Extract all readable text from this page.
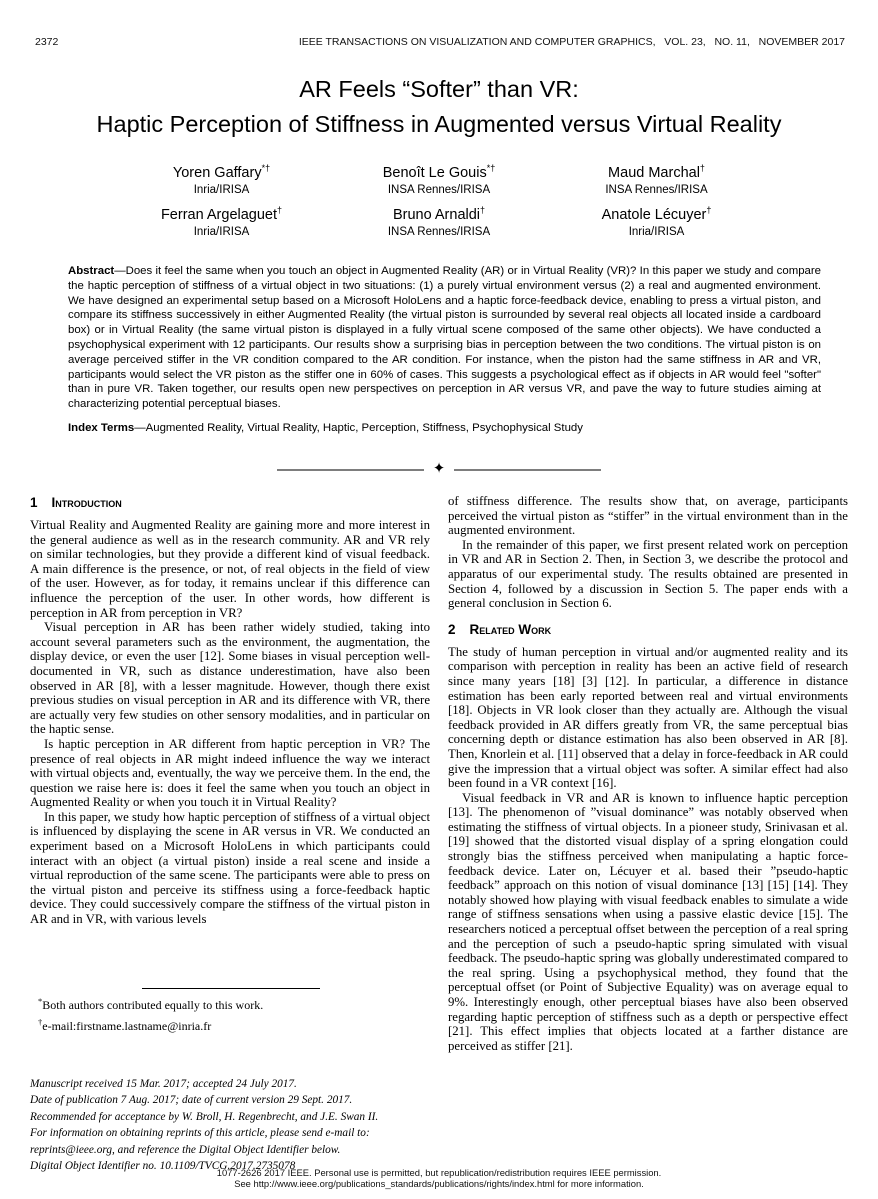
2372	IEEE TRANSACTIONS ON VISUALIZATION AND COMPUTER GRAPHICS,   VOL. 23,   NO. 11,   NOVEMBER 2017
AR Feels “Softer” than VR:
Haptic Perception of Stiffness in Augmented versus Virtual Reality
Yoren Gaffary*†
Inria/IRISA
Benoît Le Gouis*†
INSA Rennes/IRISA
Maud Marchal†
INSA Rennes/IRISA
Ferran Argelaguet†
Inria/IRISA
Bruno Arnaldi†
INSA Rennes/IRISA
Anatole Lécuyer†
Inria/IRISA
Abstract—Does it feel the same when you touch an object in Augmented Reality (AR) or in Virtual Reality (VR)? In this paper we study and compare the haptic perception of stiffness of a virtual object in two situations: (1) a purely virtual environment versus (2) a real and augmented environment. We have designed an experimental setup based on a Microsoft HoloLens and a haptic force-feedback device, enabling to press a virtual piston, and compare its stiffness successively in either Augmented Reality (the virtual piston is surrounded by several real objects all located inside a cardboard box) or in Virtual Reality (the same virtual piston is displayed in a fully virtual scene composed of the same other objects). We have conducted a psychophysical experiment with 12 participants. Our results show a surprising bias in perception between the two conditions. The virtual piston is on average perceived stiffer in the VR condition compared to the AR condition. For instance, when the piston had the same stiffness in AR and VR, participants would select the VR piston as the stiffer one in 60% of cases. This suggests a psychological effect as if objects in AR would feel "softer" than in pure VR. Taken together, our results open new perspectives on perception in AR versus VR, and pave the way to future studies aiming at characterizing potential perceptual biases.
Index Terms—Augmented Reality, Virtual Reality, Haptic, Perception, Stiffness, Psychophysical Study
✦
1 Introduction

Virtual Reality and Augmented Reality are gaining more and more interest in the general audience as well as in the research community. AR and VR rely on similar technologies, but they provide a different kind of visual feedback. A main difference is the presence, or not, of real objects in the field of view of the user. However, as for today, it remains unclear if this difference can influence the perception of the user. In other words, how different is perception in AR from perception in VR?

Visual perception in AR has been rather widely studied, taking into account several parameters such as the environment, the augmentation, the display device, or even the user [12]. Some biases in visual perception well-documented in VR, such as distance underestimation, have also been observed in AR [8], with a lesser magnitude. However, though there exist previous studies on visual perception in AR and its difference with VR, there are actually very few studies on other sensory modalities, and in particular on the haptic sense.

Is haptic perception in AR different from haptic perception in VR? The presence of real objects in AR might indeed influence the way we interact with virtual objects and, eventually, the way we perceive them. In the end, the question we raise here is: does it feel the same when you touch an object in Augmented Reality or when you touch it in Virtual Reality?

In this paper, we study how haptic perception of stiffness of a virtual object is influenced by displaying the scene in AR versus in VR. We conducted an experiment based on a Microsoft HoloLens in which participants could interact with an object (a virtual piston) inside a real scene and inside a virtual reproduction of the same scene. The participants were able to press on the virtual piston and perceive its stiffness using a force-feedback haptic device. They could successively compare the stiffness of the virtual piston in AR and in VR, with various levels

of stiffness difference. The results show that, on average, participants perceived the virtual piston as “stiffer” in the virtual environment than in the augmented environment.

In the remainder of this paper, we first present related work on perception in VR and AR in Section 2. Then, in Section 3, we describe the protocol and apparatus of our experimental study. The results obtained are presented in Section 4, followed by a discussion in Section 5. The paper ends with a general conclusion in Section 6.

2 Related Work

The study of human perception in virtual and/or augmented reality and its comparison with perception in reality has been an active field of research since many years [18] [3] [12]. In particular, a difference in distance estimation has been early reported between real and virtual environments [18]. Objects in VR look closer than they actually are. Although the visual feedback provided in AR differs greatly from VR, the same perceptual bias concerning depth or distance estimation has also been observed in AR [8]. Then, Knorlein et al. [11] observed that a delay in force-feedback in AR could give the impression that a virtual object was softer. A similar effect had also been found in a VR context [16].

Visual feedback in VR and AR is known to influence haptic perception [13]. The phenomenon of ”visual dominance” was notably observed when estimating the stiffness of virtual objects. In a pioneer study, Srinivasan et al. [19] showed that the distorted visual display of a spring elongation could strongly bias the stiffness perceived when manipulating a haptic force-feedback device. Later on, Lécuyer et al. based their ”pseudo-haptic feedback” approach on this notion of visual dominance [13] [15] [14]. They notably showed how playing with visual feedback enables to simulate a wide range of stiffness sensations when using a passive elastic device [15]. The researchers noticed a perceptual offset between the perception of a real spring and the perception of such a pseudo-haptic spring simulated with visual feedback. The pseudo-haptic spring was globally underestimated compared to the real spring. Using a psychophysical method, they found that the perceptual offset (or Point of Subjective Equality) was on average equal to 9%. Interestingly enough, other perceptual biases have also been observed regarding haptic perception of stiffness such as a depth or perspective effect [21]. This effect implies that objects located at a farther distance are perceived as stiffer [21].

*Both authors contributed equally to this work.
†e-mail:firstname.lastname@inria.fr
Manuscript received 15 Mar. 2017; accepted 24 July 2017.
Date of publication 7 Aug. 2017; date of current version 29 Sept. 2017.
Recommended for acceptance by W. Broll, H. Regenbrecht, and J.E. Swan II.
For information on obtaining reprints of this article, please send e-mail to:
reprints@ieee.org, and reference the Digital Object Identifier below.
Digital Object Identifier no. 10.1109/TVCG.2017.2735078
1077-2626 2017 IEEE. Personal use is permitted, but republication/redistribution requires IEEE permission.
See http://www.ieee.org/publications_standards/publications/rights/index.html for more information.
